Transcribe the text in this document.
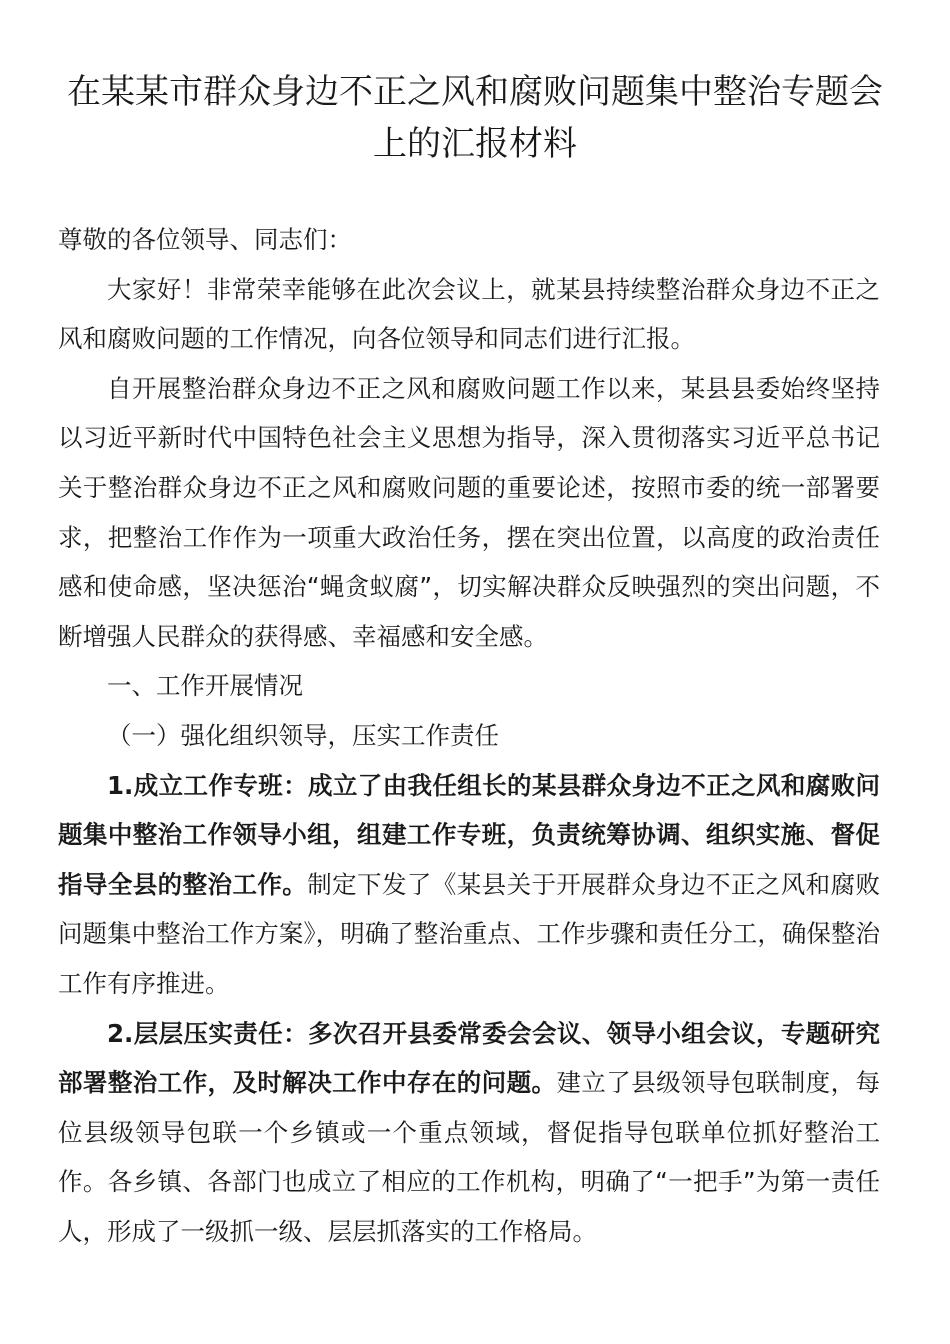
在某某市群众身边不正之风和腐败问题集中整治专题会上的汇报材料

尊敬的各位领导、同志们：

大家好！非常荣幸能够在此次会议上，就某县持续整治群众身边不正之风和腐败问题的工作情况，向各位领导和同志们进行汇报。

自开展整治群众身边不正之风和腐败问题工作以来，某县县委始终坚持以习近平新时代中国特色社会主义思想为指导，深入贯彻落实习近平总书记关于整治群众身边不正之风和腐败问题的重要论述，按照市委的统一部署要求，把整治工作作为一项重大政治任务，摆在突出位置，以高度的政治责任感和使命感，坚决惩治“蝇贪蚁腐”，切实解决群众反映强烈的突出问题，不断增强人民群众的获得感、幸福感和安全感。

一、工作开展情况

（一）强化组织领导，压实工作责任

1.成立工作专班：成立了由我任组长的某县群众身边不正之风和腐败问题集中整治工作领导小组，组建工作专班，负责统筹协调、组织实施、督促指导全县的整治工作。制定下发了《某县关于开展群众身边不正之风和腐败问题集中整治工作方案》，明确了整治重点、工作步骤和责任分工，确保整治工作有序推进。

2.层层压实责任：多次召开县委常委会会议、领导小组会议，专题研究部署整治工作，及时解决工作中存在的问题。建立了县级领导包联制度，每位县级领导包联一个乡镇或一个重点领域，督促指导包联单位抓好整治工作。各乡镇、各部门也成立了相应的工作机构，明确了“一把手”为第一责任人，形成了一级抓一级、层层抓落实的工作格局。
